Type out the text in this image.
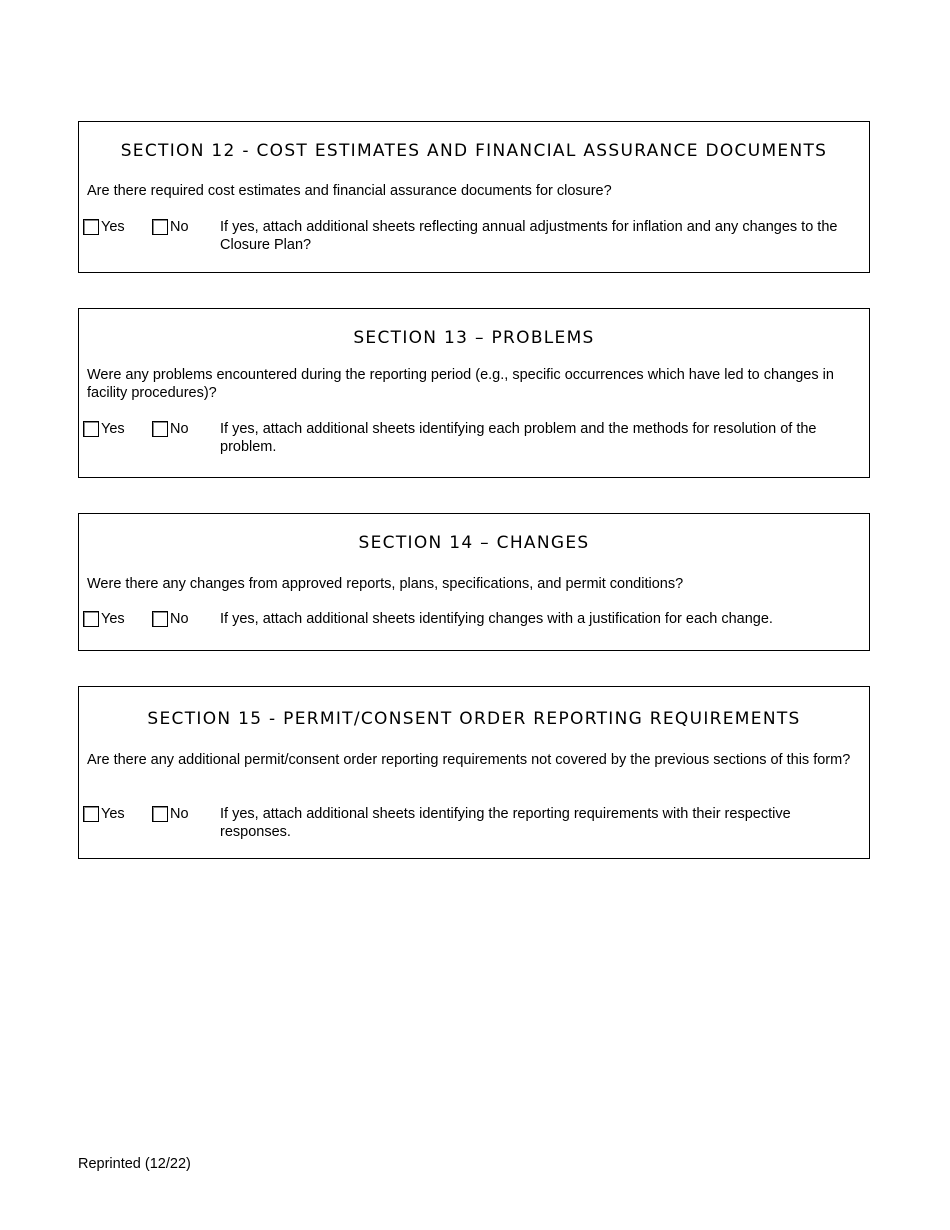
SECTION 12 - COST ESTIMATES AND FINANCIAL ASSURANCE DOCUMENTS
Are there required cost estimates and financial assurance documents for closure?
Yes	No If yes, attach additional sheets reflecting annual adjustments for inflation and any changes to the Closure Plan?
SECTION 13 – PROBLEMS
Were any problems encountered during the reporting period (e.g., specific occurrences which have led to changes in facility procedures)?
Yes	No If yes, attach additional sheets identifying each problem and the methods for resolution of the problem.
SECTION 14 – CHANGES
Were there any changes from approved reports, plans, specifications, and permit conditions?
Yes	No If yes, attach additional sheets identifying changes with a justification for each change.
SECTION 15 - PERMIT/CONSENT ORDER REPORTING REQUIREMENTS
Are there any additional permit/consent order reporting requirements not covered by the previous sections of this form?
Yes	No If yes, attach additional sheets identifying the reporting requirements with their respective responses.
Reprinted (12/22)
